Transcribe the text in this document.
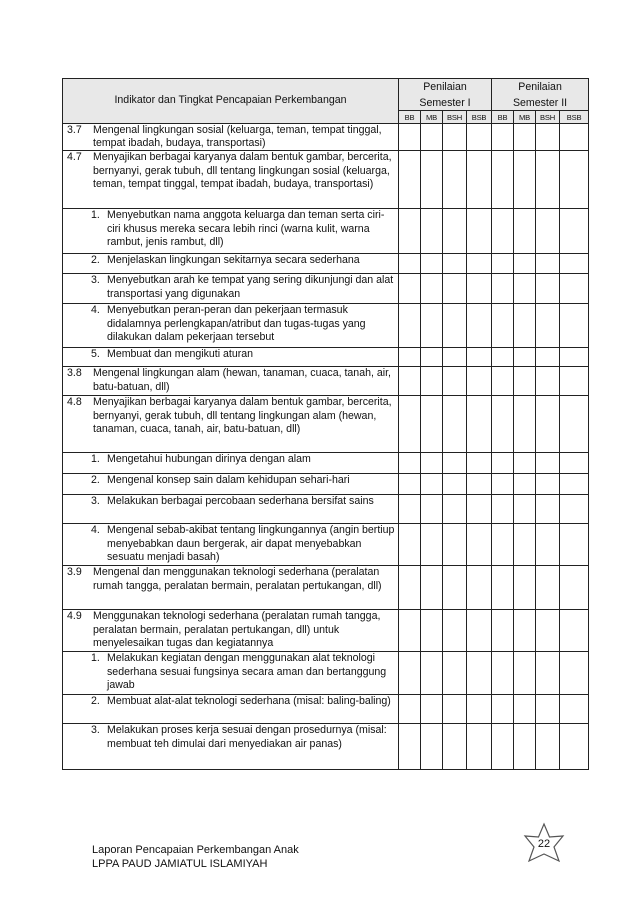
Indikator dan Tingkat Pencapaian Perkembangan	Penilaian				Penilaian			
	Semester I				Semester II			
	BB	MB	BSH	BSB	BB	MB	BSH	BSB

3.7 Mengenal lingkungan sosial (keluarga, teman, tempat tinggal, tempat ibadah, budaya, transportasi)								

4.7 Menyajikan berbagai karyanya dalam bentuk gambar, bercerita, bernyanyi, gerak tubuh, dll tentang lingkungan sosial (keluarga, teman, tempat tinggal, tempat ibadah, budaya, transportasi)								

1. Menyebutkan nama anggota keluarga dan teman serta ciri-ciri khusus mereka secara lebih rinci (warna kulit, warna rambut, jenis rambut, dll)								

2. Menjelaskan lingkungan sekitarnya secara sederhana								

3. Menyebutkan arah ke tempat yang sering dikunjungi dan alat transportasi yang digunakan								

4. Menyebutkan peran-peran dan pekerjaan termasuk didalamnya perlengkapan/atribut dan tugas-tugas yang dilakukan dalam pekerjaan tersebut								

5. Membuat dan mengikuti aturan								

3.8 Mengenal lingkungan alam (hewan, tanaman, cuaca, tanah, air, batu-batuan, dll)								

4.8 Menyajikan berbagai karyanya dalam bentuk gambar, bercerita, bernyanyi, gerak tubuh, dll tentang lingkungan alam (hewan, tanaman, cuaca, tanah, air, batu-batuan, dll)								

1. Mengetahui hubungan dirinya dengan alam								

2. Mengenal konsep sain dalam kehidupan sehari-hari								

3. Melakukan berbagai percobaan sederhana bersifat sains								

4. Mengenal sebab-akibat tentang lingkungannya (angin bertiup menyebabkan daun bergerak, air dapat menyebabkan sesuatu menjadi basah)								

3.9 Mengenal dan menggunakan teknologi sederhana (peralatan rumah tangga, peralatan bermain, peralatan pertukangan, dll)								

4.9 Menggunakan teknologi sederhana (peralatan rumah tangga, peralatan bermain, peralatan pertukangan, dll) untuk menyelesaikan tugas dan kegiatannya								

1. Melakukan kegiatan dengan menggunakan alat teknologi sederhana sesuai fungsinya secara aman dan bertanggung jawab								

2. Membuat alat-alat teknologi sederhana (misal: baling-baling)								

3. Melakukan proses kerja sesuai dengan prosedurnya (misal: membuat teh dimulai dari menyediakan air panas)								

Laporan Pencapaian Perkembangan Anak
LPPA PAUD JAMIATUL ISLAMIYAH
22
